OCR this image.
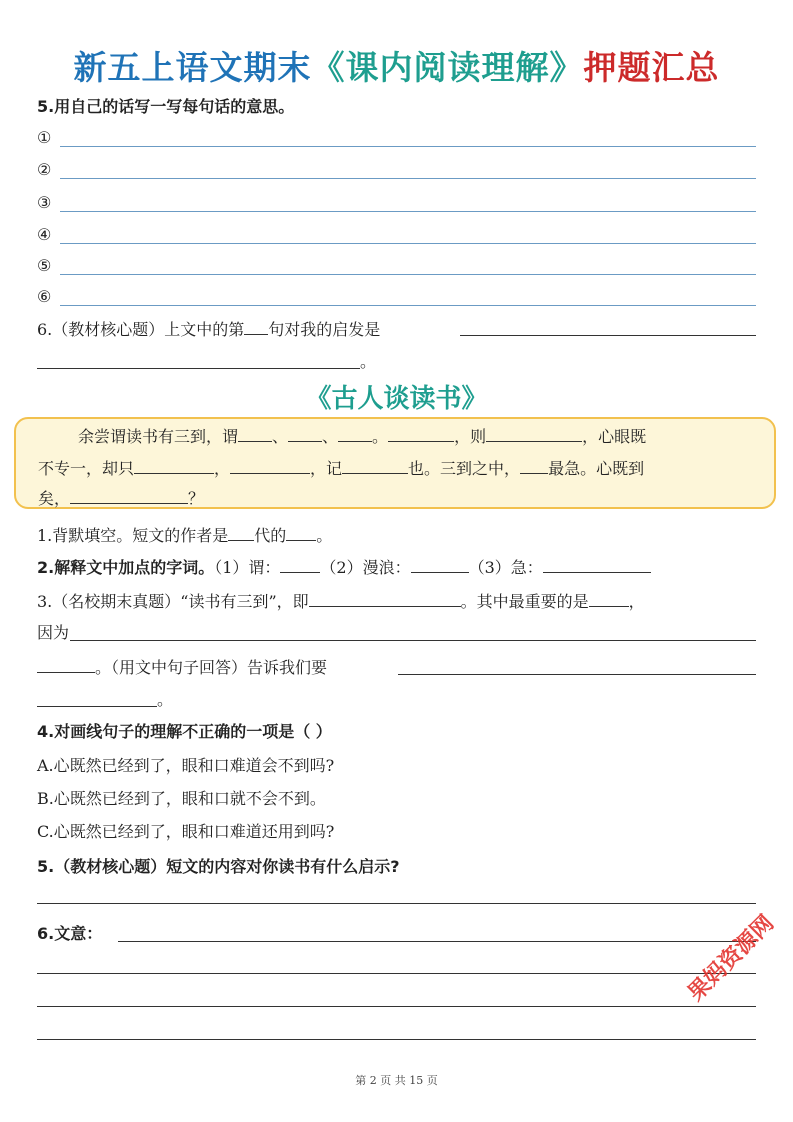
新五上语文期末《课内阅读理解》押题汇总
5.用自己的话写一写每句话的意思。
①
②
③
④
⑤
⑥
6.（教材核心题）上文中的第 句对我的启发是
。
《古人谈读书》
余尝谓读书有三到，谓 、 、 。	，则	，心眼既
不专一，却只	，	，记	也。三到之中， 最急。心既到
矣，	？
1.背默填空。短文的作者是 代的 。
2.解释文中加点的字词。（1）谓：	（2）漫浪：	（3）急：
3.（名校期末真题）“读书有三到”，即	。其中最重要的是	，
因为
。（用文中句子回答）告诉我们要
。
4.对画线句子的理解不正确的一项是（ ）
A.心既然已经到了，眼和口难道会不到吗?
B.心既然已经到了，眼和口就不会不到。
C.心既然已经到了，眼和口难道还用到吗?
5.（教材核心题）短文的内容对你读书有什么启示?
6.文意：	果妈资源网
第 2 页 共 15 页
